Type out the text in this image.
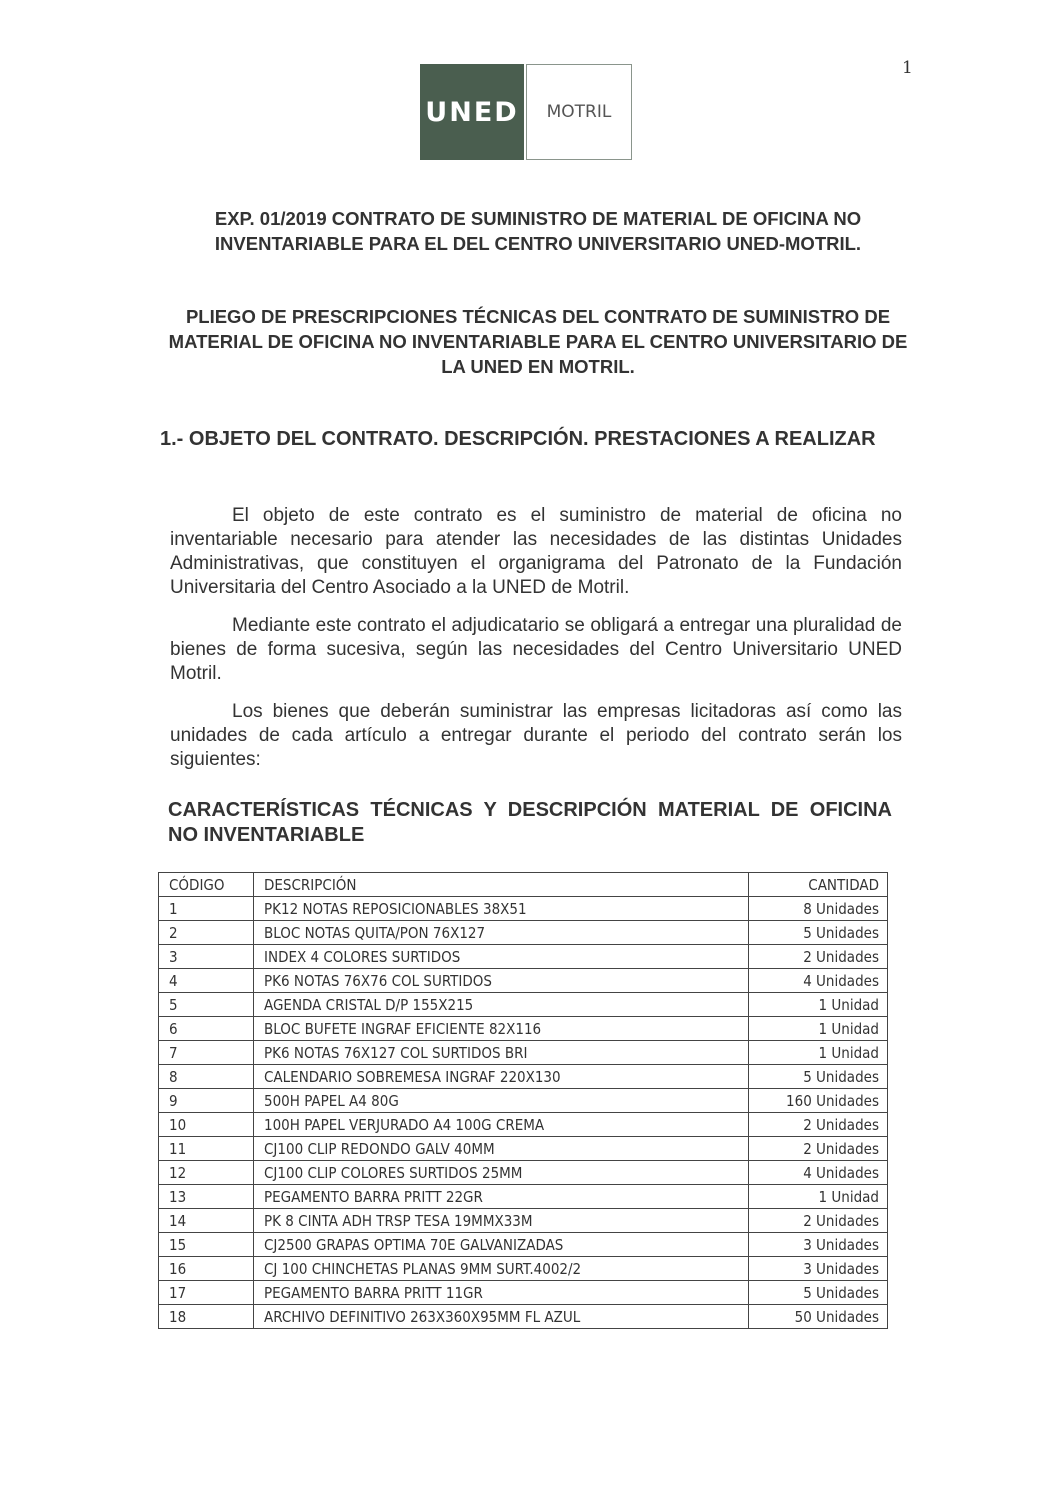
1
UNED	MOTRIL
EXP. 01/2019 CONTRATO DE SUMINISTRO DE MATERIAL DE OFICINA NO INVENTARIABLE PARA EL DEL CENTRO UNIVERSITARIO UNED-MOTRIL.
PLIEGO DE PRESCRIPCIONES TÉCNICAS DEL CONTRATO DE SUMINISTRO DE MATERIAL DE OFICINA NO INVENTARIABLE PARA EL CENTRO UNIVERSITARIO DE LA UNED EN MOTRIL.
1.- OBJETO DEL CONTRATO. DESCRIPCIÓN. PRESTACIONES A REALIZAR

El objeto de este contrato es el suministro de material de oficina no inventariable necesario para atender las necesidades de las distintas Unidades Administrativas, que constituyen el organigrama del Patronato de la Fundación Universitaria del Centro Asociado a la UNED de Motril.

Mediante este contrato el adjudicatario se obligará a entregar una pluralidad de bienes de forma sucesiva, según las necesidades del Centro Universitario UNED Motril.

Los bienes que deberán suministrar las empresas licitadoras así como las unidades de cada artículo a entregar durante el periodo del contrato serán los siguientes:

CARACTERÍSTICAS TÉCNICAS Y DESCRIPCIÓN MATERIAL DE OFICINA NO INVENTARIABLE
CÓDIGO	DESCRIPCIÓN	CANTIDAD
1	PK12 NOTAS REPOSICIONABLES 38X51	8 Unidades
2	BLOC NOTAS QUITA/PON 76X127	5 Unidades
3	INDEX 4 COLORES SURTIDOS	2 Unidades
4	PK6 NOTAS 76X76 COL SURTIDOS	4 Unidades
5	AGENDA CRISTAL D/P 155X215	1 Unidad
6	BLOC BUFETE INGRAF EFICIENTE 82X116	1 Unidad
7	PK6 NOTAS 76X127 COL SURTIDOS BRI	1 Unidad
8	CALENDARIO SOBREMESA INGRAF 220X130	5 Unidades
9	500H PAPEL A4 80G	160 Unidades
10	100H PAPEL VERJURADO A4 100G CREMA	2 Unidades
11	CJ100 CLIP REDONDO GALV 40MM	2 Unidades
12	CJ100 CLIP COLORES SURTIDOS 25MM	4 Unidades
13	PEGAMENTO BARRA PRITT 22GR	1 Unidad
14	PK 8 CINTA ADH TRSP TESA 19MMX33M	2 Unidades
15	CJ2500 GRAPAS OPTIMA 70E GALVANIZADAS	3 Unidades
16	CJ 100 CHINCHETAS PLANAS 9MM SURT.4002/2	3 Unidades
17	PEGAMENTO BARRA PRITT 11GR	5 Unidades
18	ARCHIVO DEFINITIVO 263X360X95MM FL AZUL	50 Unidades
